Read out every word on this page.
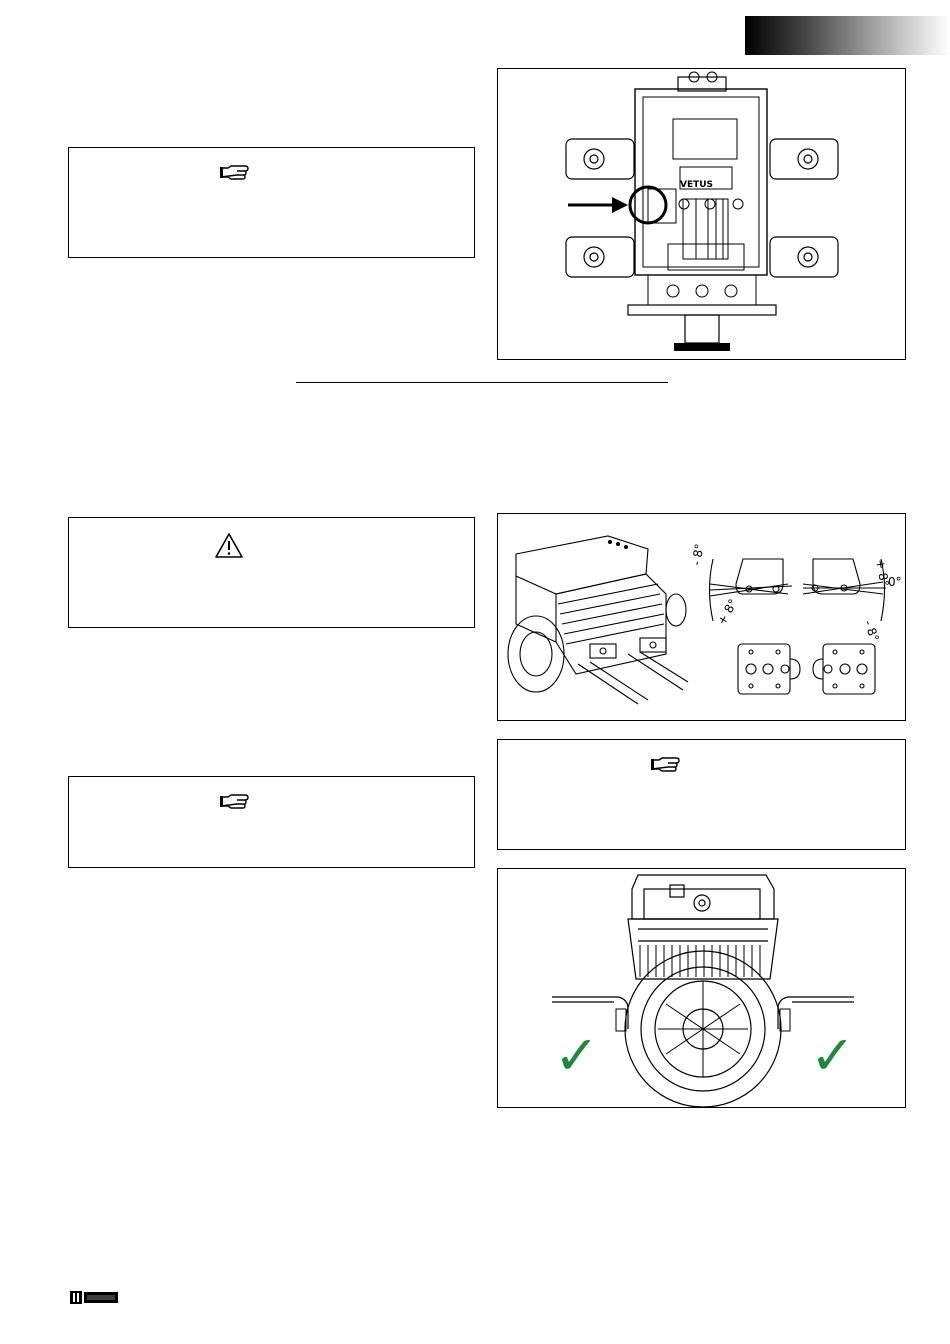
VETUS
- 8°
+ 8°
+ 8°
- 8°
0°
✓	✓
